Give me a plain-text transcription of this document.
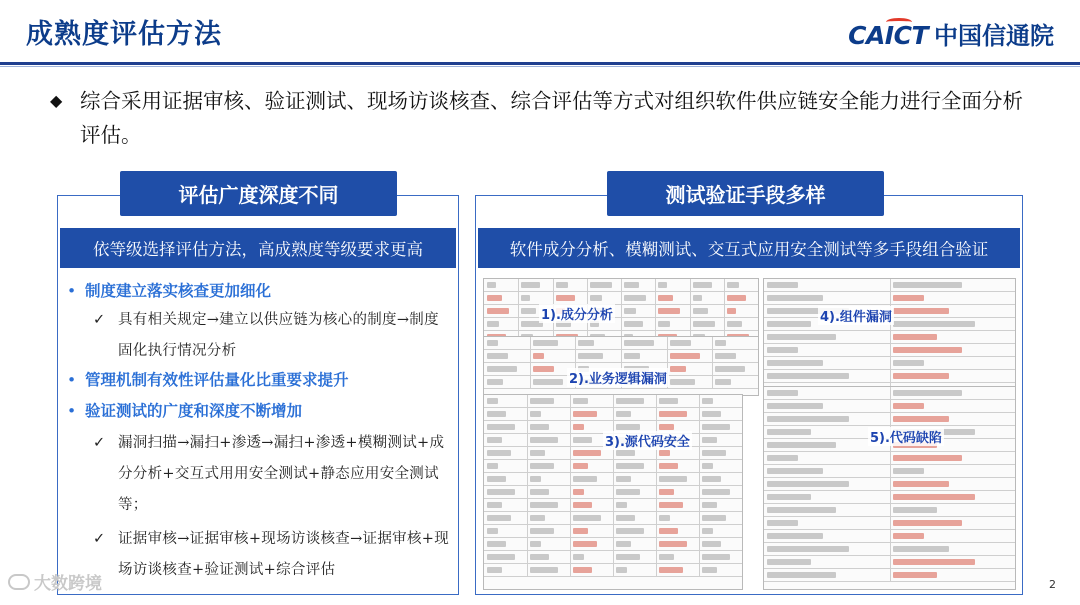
成熟度评估方法	CAICT 中国信通院
◆ 综合采用证据审核、验证测试、现场访谈核查、综合评估等方式对组织软件供应链安全能力进行全面分析评估。
评估广度深度不同
依等级选择评估方法，高成熟度等级要求更高
• 制度建立落实核查更加细化
✓ 具有相关规定→建立以供应链为核心的制度→制度固化执行情况分析
• 管理机制有效性评估量化比重要求提升
• 验证测试的广度和深度不断增加
✓ 漏洞扫描→漏扫+渗透→漏扫+渗透+模糊测试+成分分析+交互式用用安全测试+静态应用安全测试等；
✓ 证据审核→证据审核+现场访谈核查→证据审核+现场访谈核查+验证测试+综合评估
测试验证手段多样
软件成分分析、模糊测试、交互式应用安全测试等多手段组合验证
1).成分分析
2).业务逻辑漏洞
3).源代码安全
4).组件漏洞
5).代码缺陷
大数跨境	2
